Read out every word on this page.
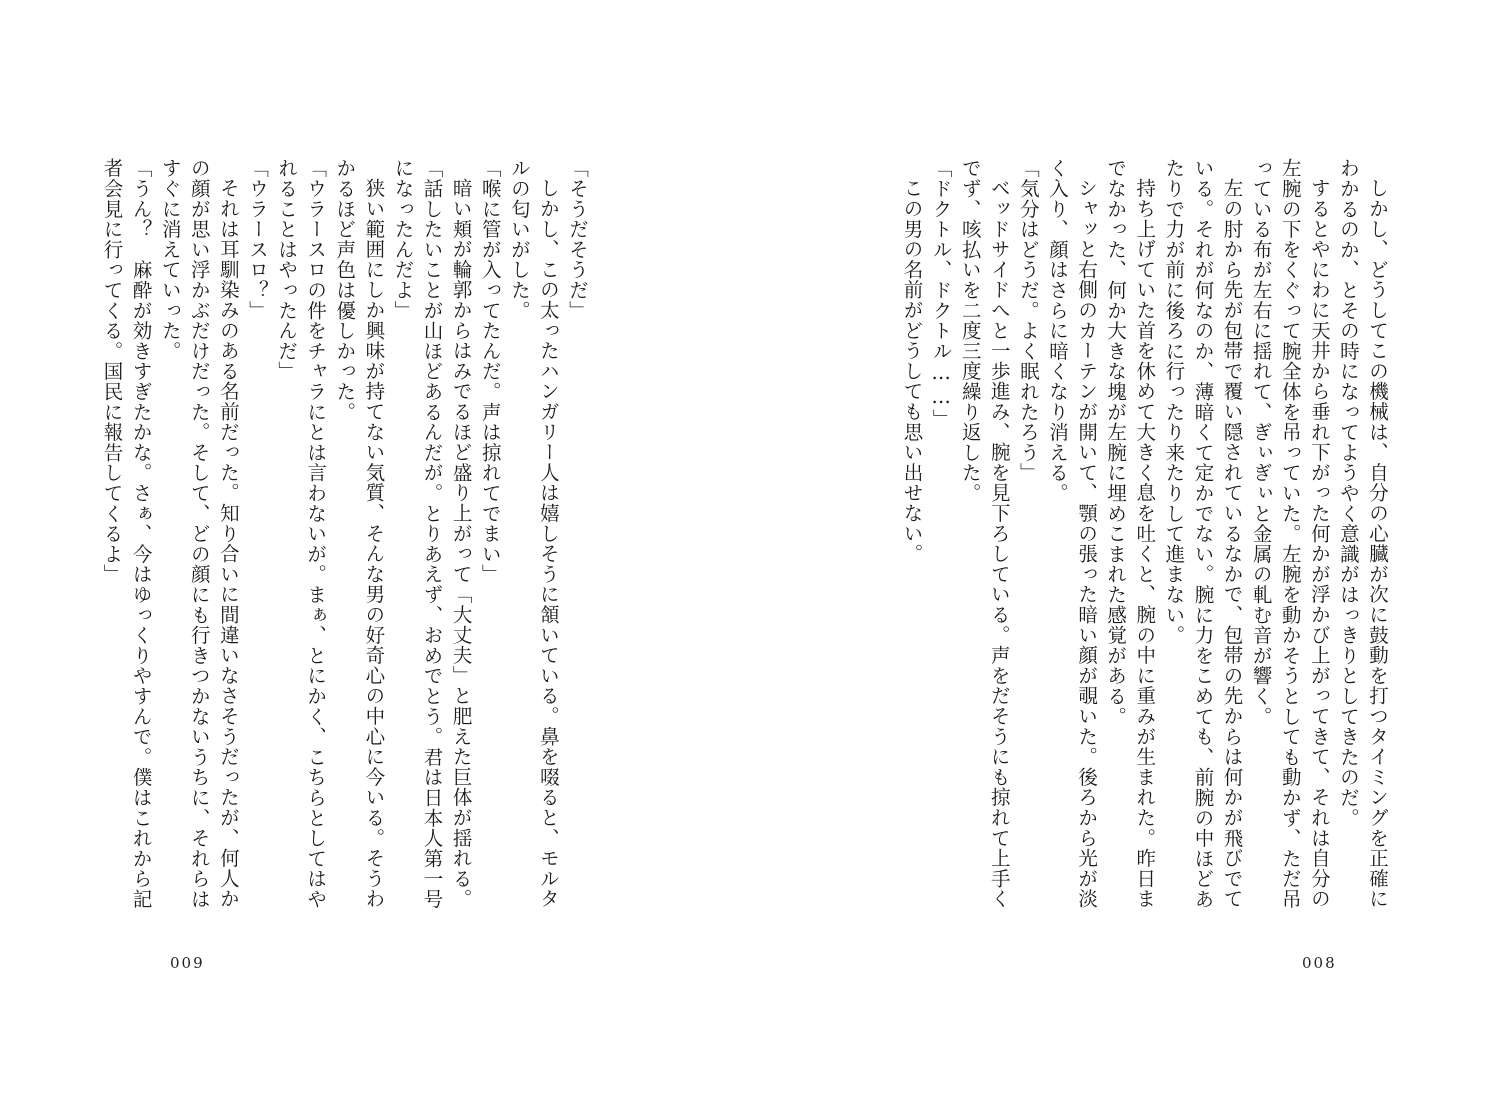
しかし、どうしてこの機械は、自分の心臓が次に鼓動を打つタイミングを正確にわかるのか、とその時になってようやく意識がはっきりとしてきたのだ。

するとやにわに天井から垂れ下がった何かが浮かび上がってきて、それは自分の左腕の下をくぐって腕全体を吊っていた。左腕を動かそうとしても動かず、ただ吊っている布が左右に揺れて、ぎぃぎぃと金属の軋む音が響く。

左の肘から先が包帯で覆い隠されているなかで、包帯の先からは何かが飛びでている。それが何なのか、薄暗くて定かでない。腕に力をこめても、前腕の中ほどあたりで力が前に後ろに行ったり来たりして進まない。

持ち上げていた首を休めて大きく息を吐くと、腕の中に重みが生まれた。昨日までなかった、何か大きな塊が左腕に埋めこまれた感覚がある。

シャッと右側のカーテンが開いて、顎の張った暗い顔が覗いた。後ろから光が淡く入り、顔はさらに暗くなり消える。

「気分はどうだ。よく眠れたろう」

ベッドサイドへと一歩進み、腕を見下ろしている。声をだそうにも掠れて上手くでず、咳払いを二度三度繰り返した。

「ドクトル、ドクトル……」

この男の名前がどうしても思い出せない。

008

「そうだそうだ」

しかし、この太ったハンガリー人は嬉しそうに頷いている。鼻を啜ると、モルタルの匂いがした。

「喉に管が入ってたんだ。声は掠れてでまい」

暗い頬が輪郭からはみでるほど盛り上がって「大丈夫」と肥えた巨体が揺れる。

「話したいことが山ほどあるんだが。とりあえず、おめでとう。君は日本人第一号になったんだよ」

狭い範囲にしか興味が持てない気質、そんな男の好奇心の中心に今いる。そうわかるほど声色は優しかった。

「ウラースロの件をチャラにとは言わないが。まぁ、とにかく、こちらとしてはやれることはやったんだ」

「ウラースロ？」

それは耳馴染みのある名前だった。知り合いに間違いなさそうだったが、何人かの顔が思い浮かぶだけだった。そして、どの顔にも行きつかないうちに、それらはすぐに消えていった。

「うん？　麻酔が効きすぎたかな。さぁ、今はゆっくりやすんで。僕はこれから記者会見に行ってくる。国民に報告してくるよ」

009
